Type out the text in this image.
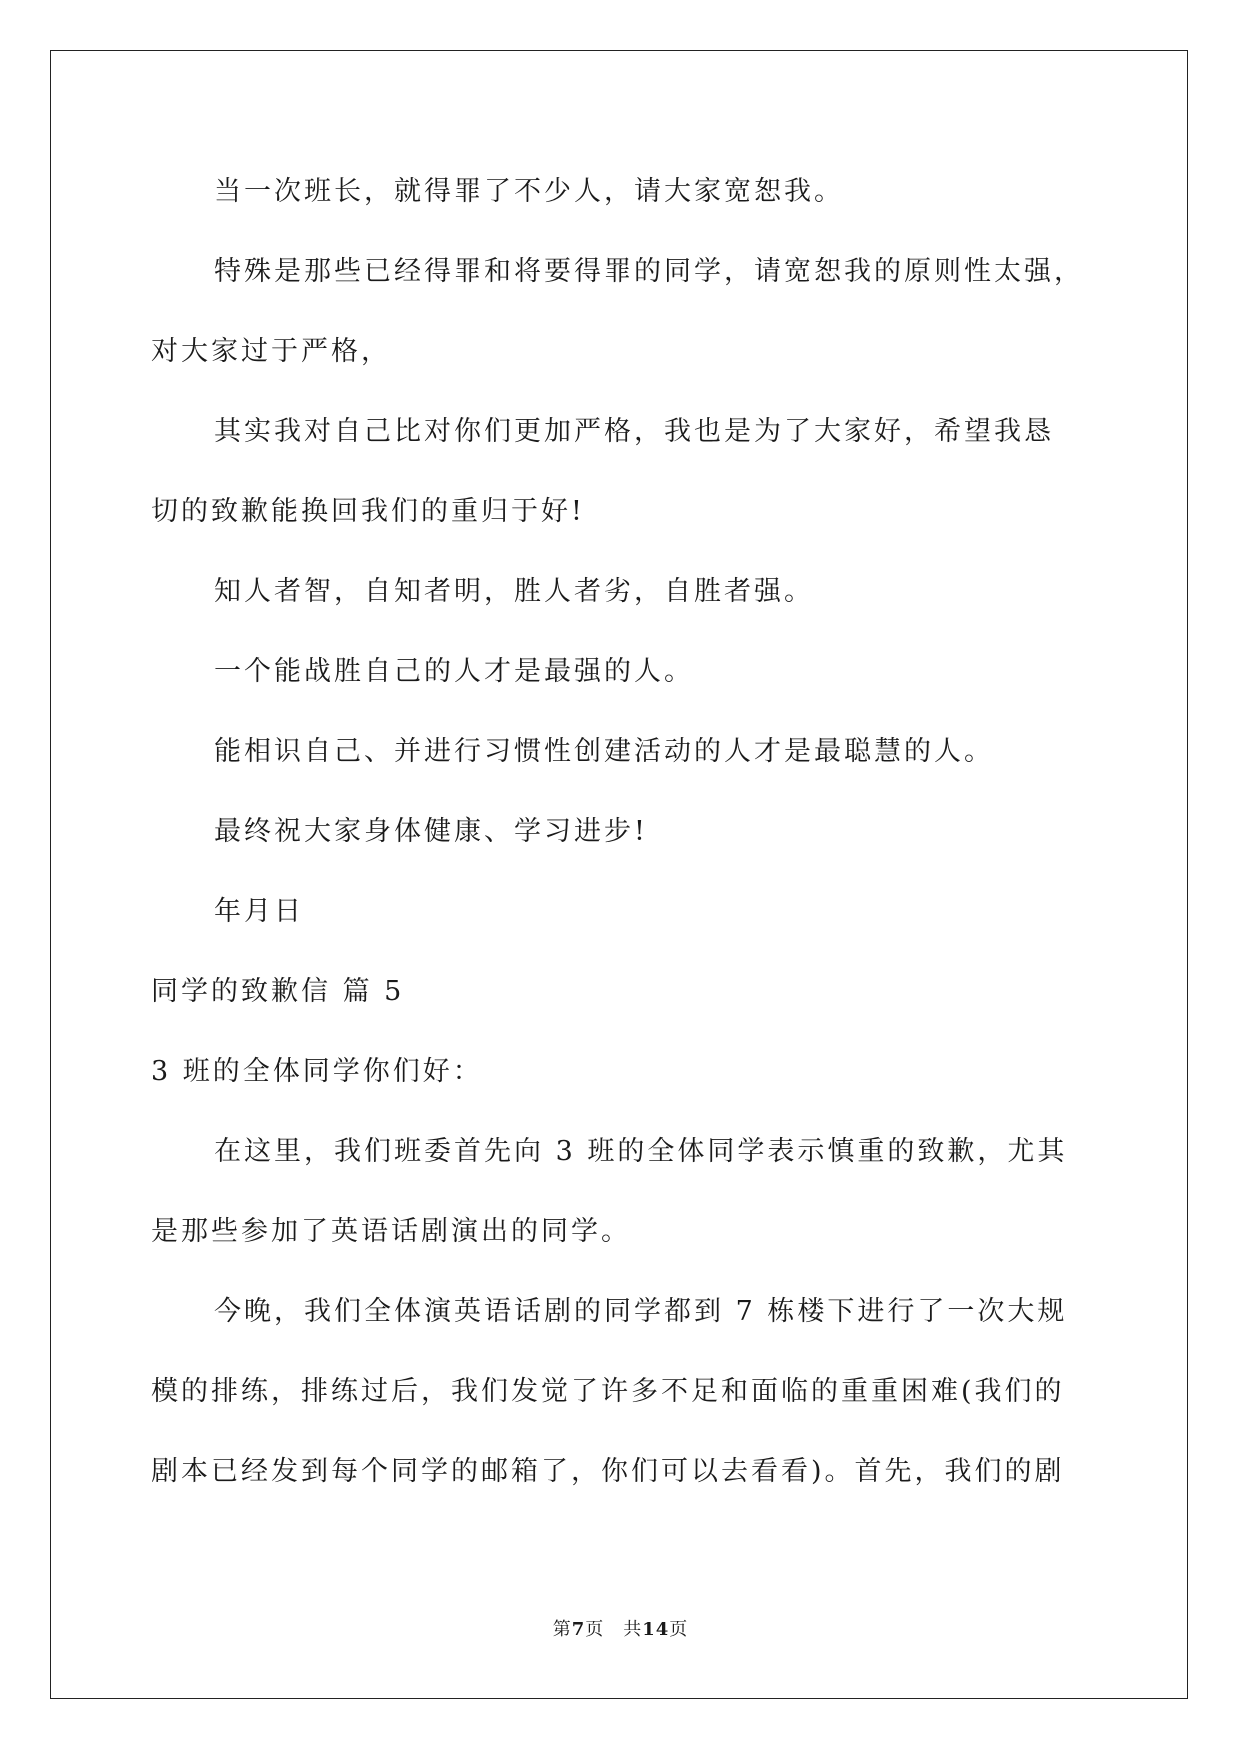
当一次班长，就得罪了不少人，请大家宽恕我。
特殊是那些已经得罪和将要得罪的同学，请宽恕我的原则性太强，
对大家过于严格，
其实我对自己比对你们更加严格，我也是为了大家好，希望我恳
切的致歉能换回我们的重归于好!
知人者智，自知者明，胜人者劣，自胜者强。
一个能战胜自己的人才是最强的人。
能相识自己、并进行习惯性创建活动的人才是最聪慧的人。
最终祝大家身体健康、学习进步!
年月日
同学的致歉信 篇 5
3 班的全体同学你们好：
在这里，我们班委首先向 3 班的全体同学表示慎重的致歉，尤其
是那些参加了英语话剧演出的同学。
今晚，我们全体演英语话剧的同学都到 7 栋楼下进行了一次大规
模的排练，排练过后，我们发觉了许多不足和面临的重重困难(我们的
剧本已经发到每个同学的邮箱了，你们可以去看看)。首先，我们的剧
第7页　共14页
